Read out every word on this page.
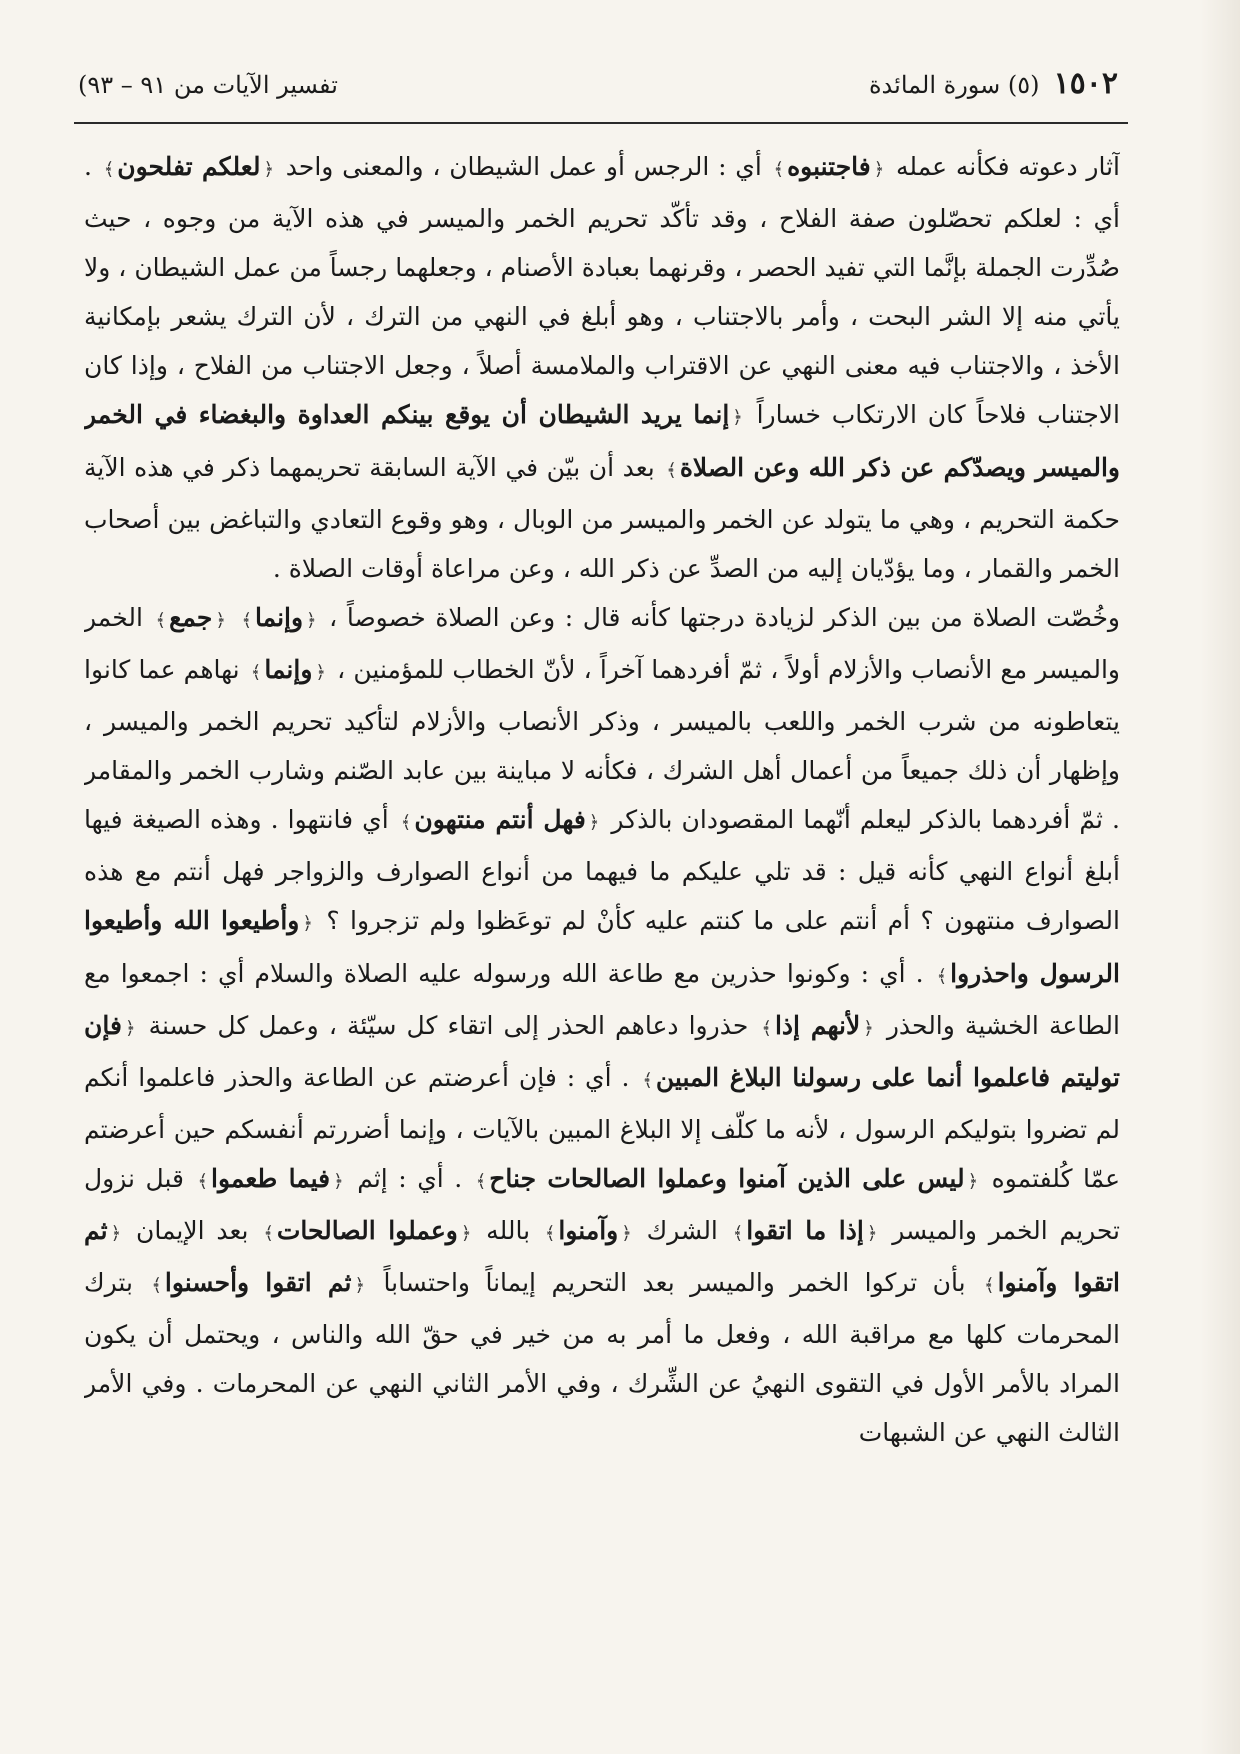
١٥٠٢
(٥) سورة المائدة
تفسير الآيات من ٩١ – ٩٣)

آثار دعوته فكأنه عمله ﴿فاجتنبوه﴾ أي : الرجس أو عمل الشيطان ، والمعنى واحد ﴿لعلكم تفلحون﴾ . أي : لعلكم تحصّلون صفة الفلاح ، وقد تأكّد تحريم الخمر والميسر في هذه الآية من وجوه ، حيث صُدِّرت الجملة بإنَّما التي تفيد الحصر ، وقرنهما بعبادة الأصنام ، وجعلهما رجساً من عمل الشيطان ، ولا يأتي منه إلا الشر البحت ، وأمر بالاجتناب ، وهو أبلغ في النهي من الترك ، لأن الترك يشعر بإمكانية الأخذ ، والاجتناب فيه معنى النهي عن الاقتراب والملامسة أصلاً ، وجعل الاجتناب من الفلاح ، وإذا كان الاجتناب فلاحاً كان الارتكاب خساراً ﴿إنما يريد الشيطان أن يوقع بينكم العداوة والبغضاء في الخمر والميسر ويصدّكم عن ذكر الله وعن الصلاة﴾ بعد أن بيّن في الآية السابقة تحريمهما ذكر في هذه الآية حكمة التحريم ، وهي ما يتولد عن الخمر والميسر من الوبال ، وهو وقوع التعادي والتباغض بين أصحاب الخمر والقمار ، وما يؤدّيان إليه من الصدِّ عن ذكر الله ، وعن مراعاة أوقات الصلاة .

وخُصّت الصلاة من بين الذكر لزيادة درجتها كأنه قال : وعن الصلاة خصوصاً ، ﴿وإنما﴾ ﴿جمع﴾ الخمر والميسر مع الأنصاب والأزلام أولاً ، ثمّ أفردهما آخراً ، لأنّ الخطاب للمؤمنين ، ﴿وإنما﴾ نهاهم عما كانوا يتعاطونه من شرب الخمر واللعب بالميسر ، وذكر الأنصاب والأزلام لتأكيد تحريم الخمر والميسر ، وإظهار أن ذلك جميعاً من أعمال أهل الشرك ، فكأنه لا مباينة بين عابد الصّنم وشارب الخمر والمقامر . ثمّ أفردهما بالذكر ليعلم أنّهما المقصودان بالذكر ﴿فهل أنتم منتهون﴾ أي فانتهوا . وهذه الصيغة فيها أبلغ أنواع النهي كأنه قيل : قد تلي عليكم ما فيهما من أنواع الصوارف والزواجر فهل أنتم مع هذه الصوارف منتهون ؟ أم أنتم على ما كنتم عليه كأنْ لم توعَظوا ولم تزجروا ؟ ﴿وأطيعوا الله وأطيعوا الرسول واحذروا﴾ . أي : وكونوا حذرين مع طاعة الله ورسوله عليه الصلاة والسلام أي : اجمعوا مع الطاعة الخشية والحذر ﴿لأنهم إذا﴾ حذروا دعاهم الحذر إلى اتقاء كل سيّئة ، وعمل كل حسنة ﴿فإن توليتم فاعلموا أنما على رسولنا البلاغ المبين﴾ . أي : فإن أعرضتم عن الطاعة والحذر فاعلموا أنكم لم تضروا بتوليكم الرسول ، لأنه ما كلّف إلا البلاغ المبين بالآيات ، وإنما أضررتم أنفسكم حين أعرضتم عمّا كُلفتموه ﴿ليس على الذين آمنوا وعملوا الصالحات جناح﴾ . أي : إثم ﴿فيما طعموا﴾ قبل نزول تحريم الخمر والميسر ﴿إذا ما اتقوا﴾ الشرك ﴿وآمنوا﴾ بالله ﴿وعملوا الصالحات﴾ بعد الإيمان ﴿ثم اتقوا وآمنوا﴾ بأن تركوا الخمر والميسر بعد التحريم إيماناً واحتساباً ﴿ثم اتقوا وأحسنوا﴾ بترك المحرمات كلها مع مراقبة الله ، وفعل ما أمر به من خير في حقّ الله والناس ، ويحتمل أن يكون المراد بالأمر الأول في التقوى النهيُ عن الشِّرك ، وفي الأمر الثاني النهي عن المحرمات . وفي الأمر الثالث النهي عن الشبهات
